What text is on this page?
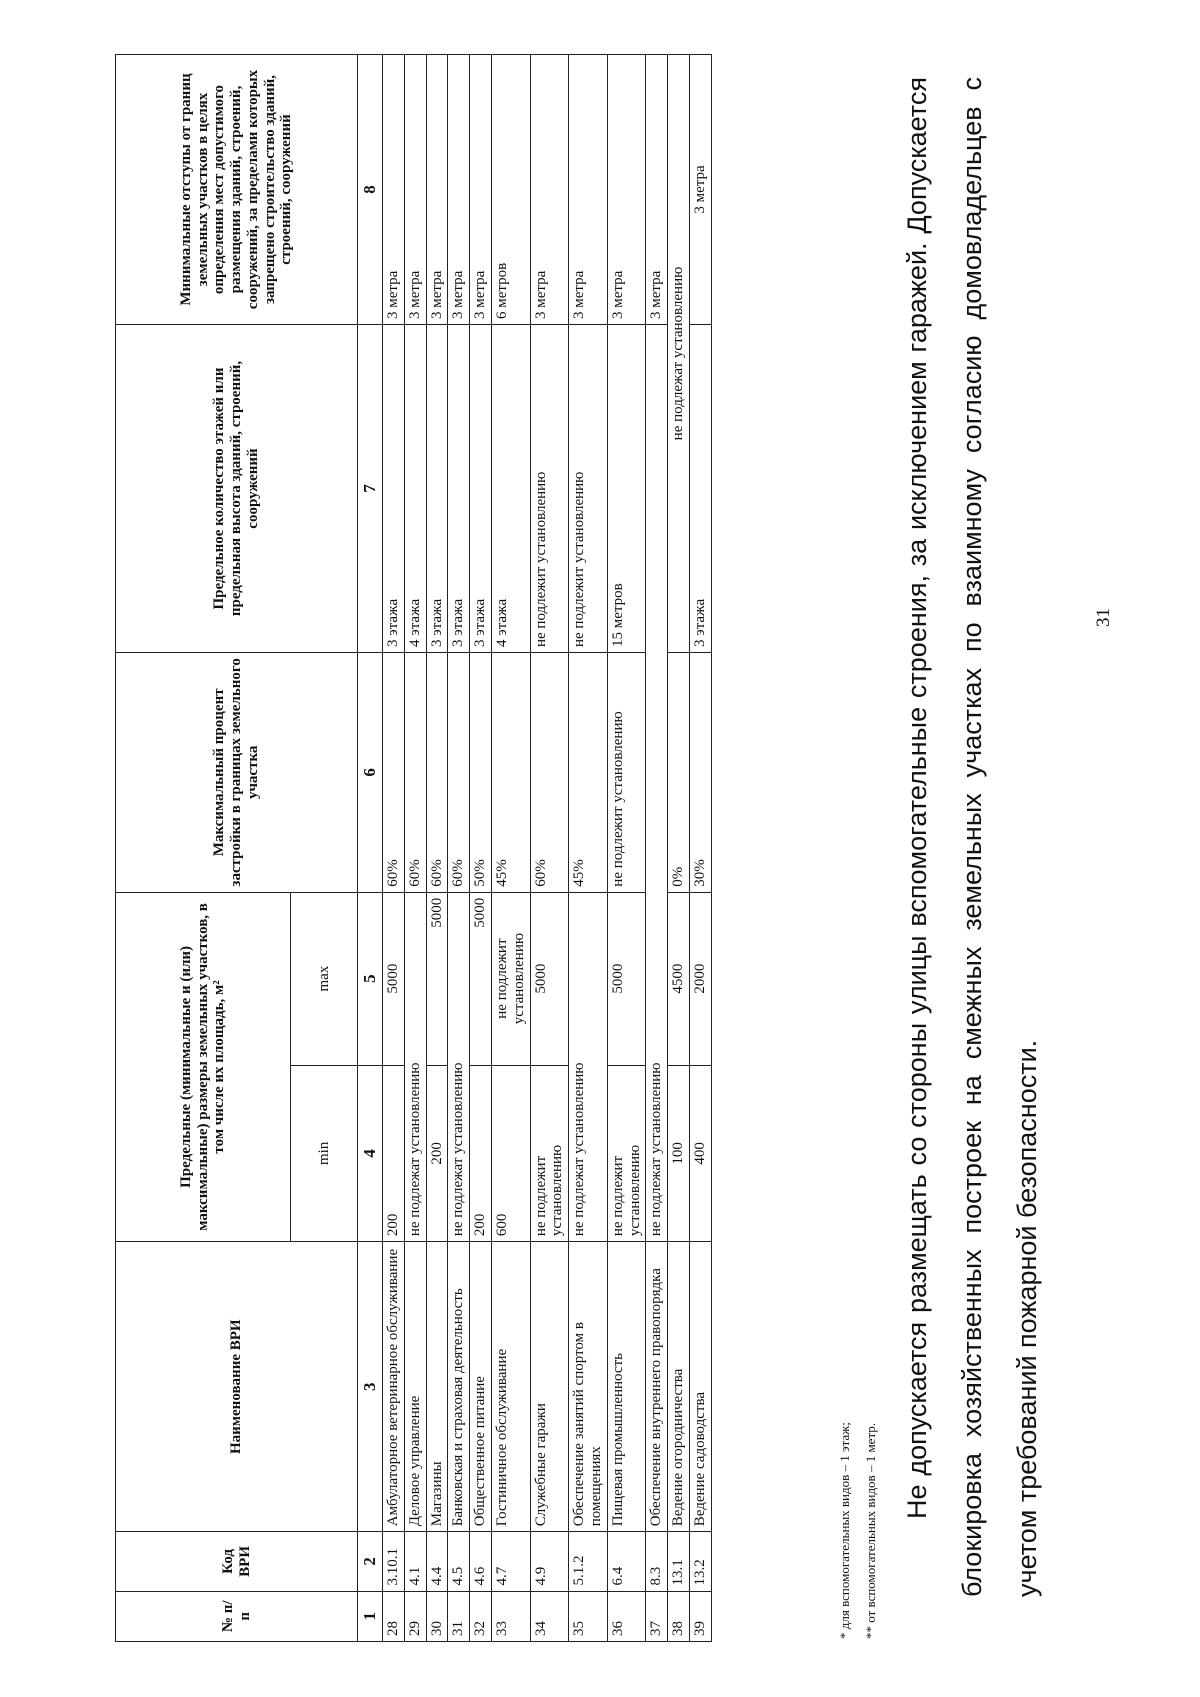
31
№ п/п	Код ВРИ	Наименование ВРИ	Предельные (минимальные и (или) максимальные) размеры земельных участков, в том числе их площадь, м²		Максимальный процент застройки в границах земельного участка	Предельное количество этажей или предельная высота зданий, строений, сооружений	Минимальные отступы от границ земельных участков в целях определения мест допустимого размещения зданий, строений, сооружений, за пределами которых запрещено строительство зданий, строений, сооружений
			min	max			
1	2	3	4	5	6	7	8
28	3.10.1	Амбулаторное ветеринарное обслуживание	200	5000	60%	3 этажа	3 метра
29	4.1	Деловое управление	не подлежат установлению		60%	4 этажа	3 метра
30	4.4	Магазины	200	5000	60%	3 этажа	3 метра
31	4.5	Банковская и страховая деятельность	не подлежат установлению		60%	3 этажа	3 метра
32	4.6	Общественное питание	200	5000	50%	3 этажа	3 метра
33	4.7	Гостиничное обслуживание	600	не подлежит установлению	45%	4 этажа	6 метров
34	4.9	Служебные гаражи	не подлежит установлению	5000	60%	не подлежит установлению	3 метра
35	5.1.2	Обеспечение занятий спортом в помещениях	не подлежат установлению		45%	не подлежит установлению	3 метра
36	6.4	Пищевая промышленность	не подлежит установлению	5000	не подлежит установлению	15 метров	3 метра
37	8.3	Обеспечение внутреннего правопорядка	не подлежат установлению				3 метра
38	13.1	Ведение огородничества	100	4500	0%	не подлежат установлению	
39	13.2	Ведение садоводства	400	2000	30%	3 этажа	3 метра
* для вспомогательных видов – 1 этаж; ** от вспомогательных видов – 1 метр.

Не допускается размещать со стороны улицы вспомогательные строения, за исключением гаражей. Допускается блокировка хозяйственных построек на смежных земельных участках по взаимному согласию домовладельцев с учетом требований пожарной безопасности.
